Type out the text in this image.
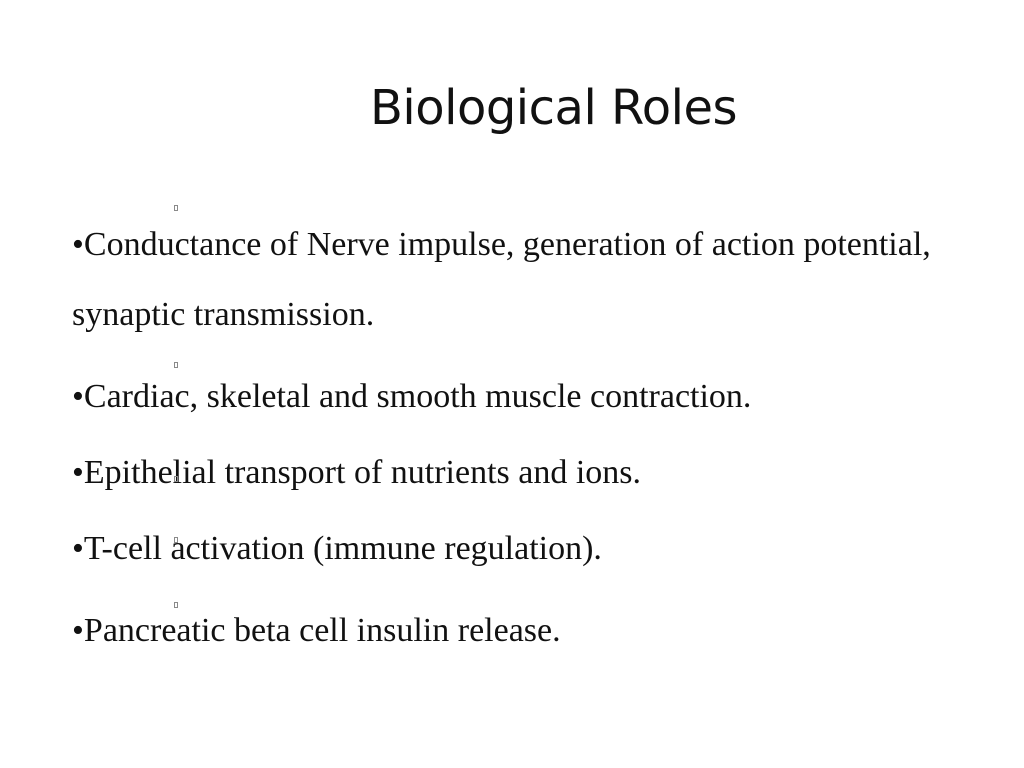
Biological Roles
•Conductance of Nerve impulse, generation of action potential, synaptic transmission.
•Cardiac, skeletal and smooth muscle contraction.
•Epithelial transport of nutrients and ions.
•T-cell activation (immune regulation).
•Pancreatic beta cell insulin release.
